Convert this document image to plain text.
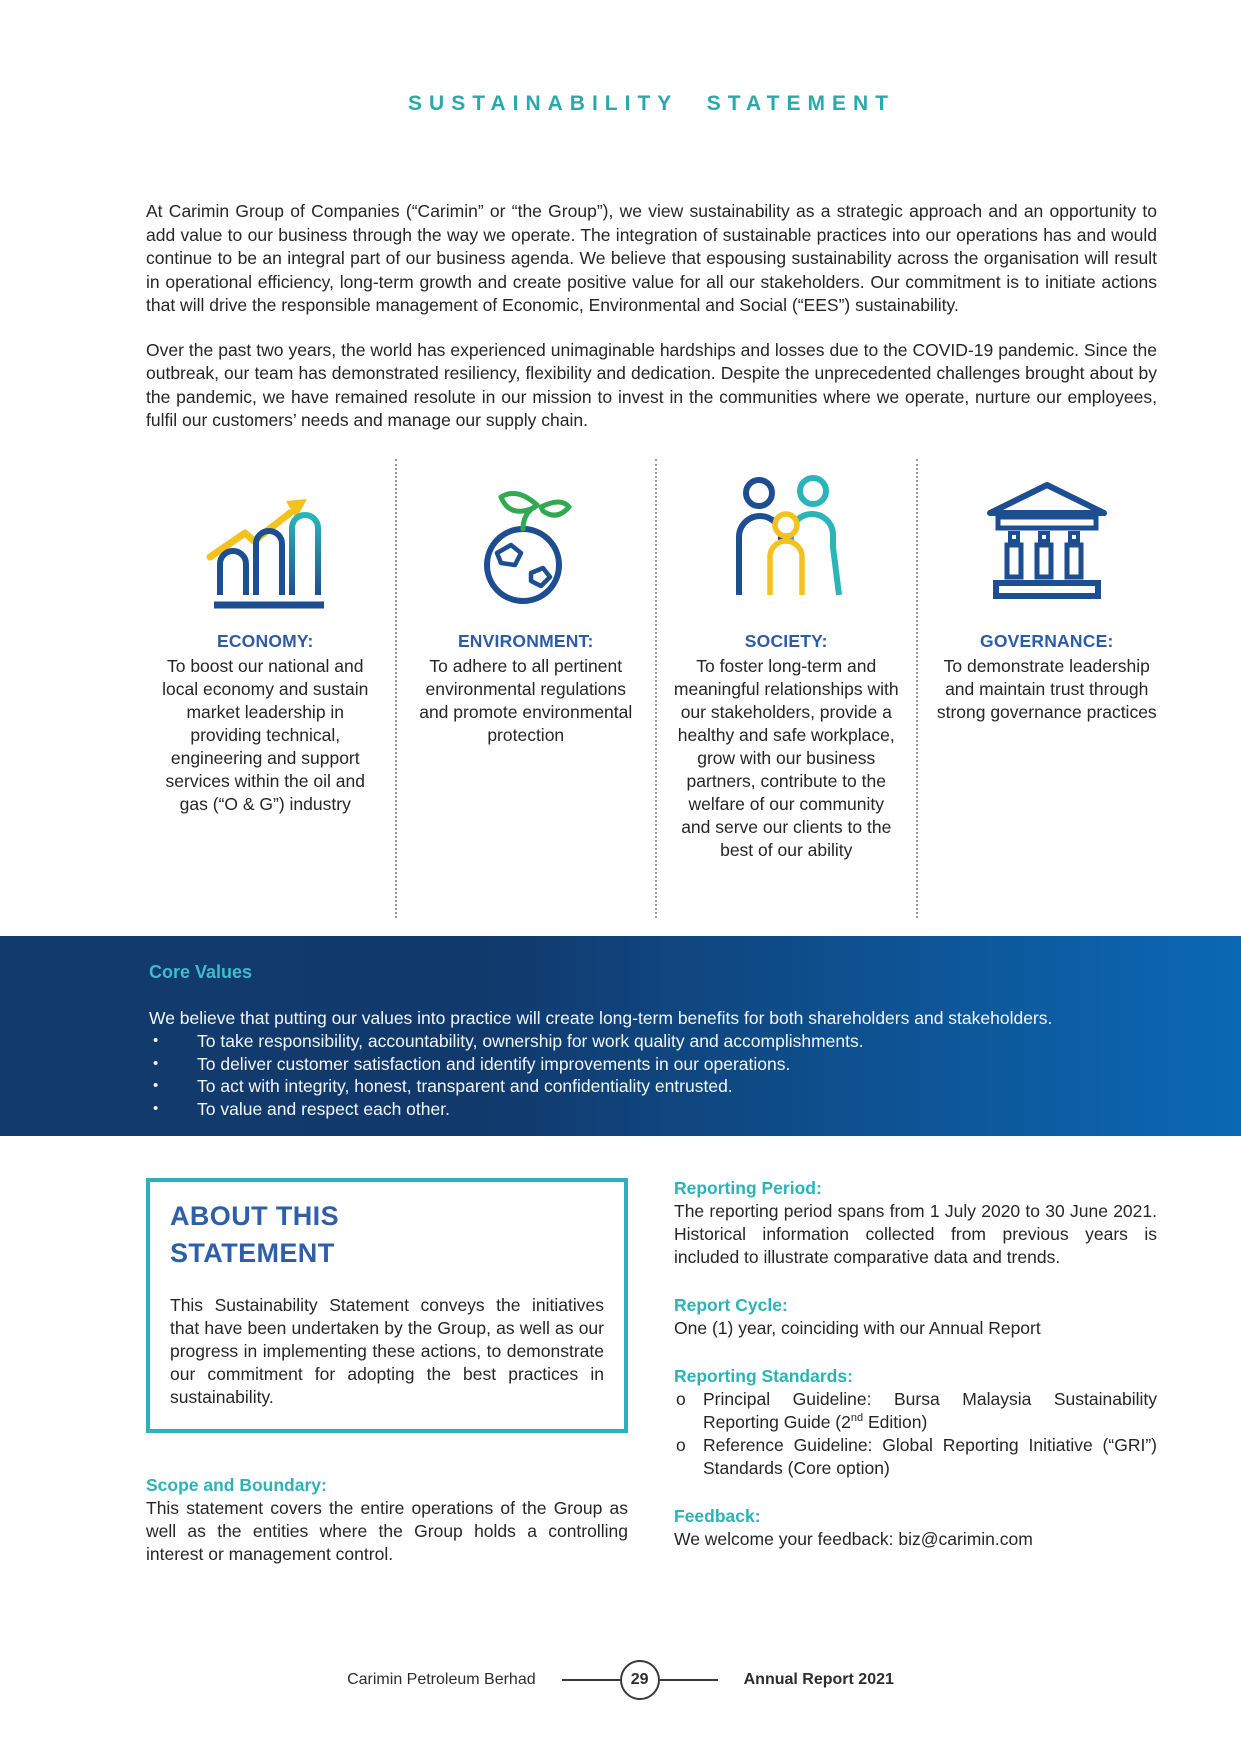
SUSTAINABILITY STATEMENT

At Carimin Group of Companies (“Carimin” or “the Group”), we view sustainability as a strategic approach and an opportunity to add value to our business through the way we operate. The integration of sustainable practices into our operations has and would continue to be an integral part of our business agenda. We believe that espousing sustainability across the organisation will result in operational efficiency, long-term growth and create positive value for all our stakeholders. Our commitment is to initiate actions that will drive the responsible management of Economic, Environmental and Social (“EES”) sustainability.

Over the past two years, the world has experienced unimaginable hardships and losses due to the COVID-19 pandemic. Since the outbreak, our team has demonstrated resiliency, flexibility and dedication. Despite the unprecedented challenges brought about by the pandemic, we have remained resolute in our mission to invest in the communities where we operate, nurture our employees, fulfil our customers’ needs and manage our supply chain.

ECONOMY:

To boost our national and local economy and sustain market leadership in providing technical, engineering and support services within the oil and gas (“O & G”) industry

ENVIRONMENT:

To adhere to all pertinent environmental regulations and promote environmental protection

SOCIETY:

To foster long-term and meaningful relationships with our stakeholders, provide a healthy and safe workplace, grow with our business partners, contribute to the welfare of our community and serve our clients to the best of our ability

GOVERNANCE:

To demonstrate leadership and maintain trust through strong governance practices

Core Values

We believe that putting our values into practice will create long-term benefits for both shareholders and stakeholders.

• To take responsibility, accountability, ownership for work quality and accomplishments.
• To deliver customer satisfaction and identify improvements in our operations.
• To act with integrity, honest, transparent and confidentiality entrusted.
• To value and respect each other.
ABOUT THIS STATEMENT

This Sustainability Statement conveys the initiatives that have been undertaken by the Group, as well as our progress in implementing these actions, to demonstrate our commitment for adopting the best practices in sustainability.

Scope and Boundary:

This statement covers the entire operations of the Group as well as the entities where the Group holds a controlling interest or management control.

Reporting Period:

The reporting period spans from 1 July 2020 to 30 June 2021. Historical information collected from previous years is included to illustrate comparative data and trends.

Report Cycle:

One (1) year, coinciding with our Annual Report

Reporting Standards:
o Principal Guideline: Bursa Malaysia Sustainability Reporting Guide (2nd Edition)
o Reference Guideline: Global Reporting Initiative (“GRI”) Standards (Core option)
Feedback:

We welcome your feedback: biz@carimin.com

Carimin Petroleum Berhad	29	Annual Report 2021
